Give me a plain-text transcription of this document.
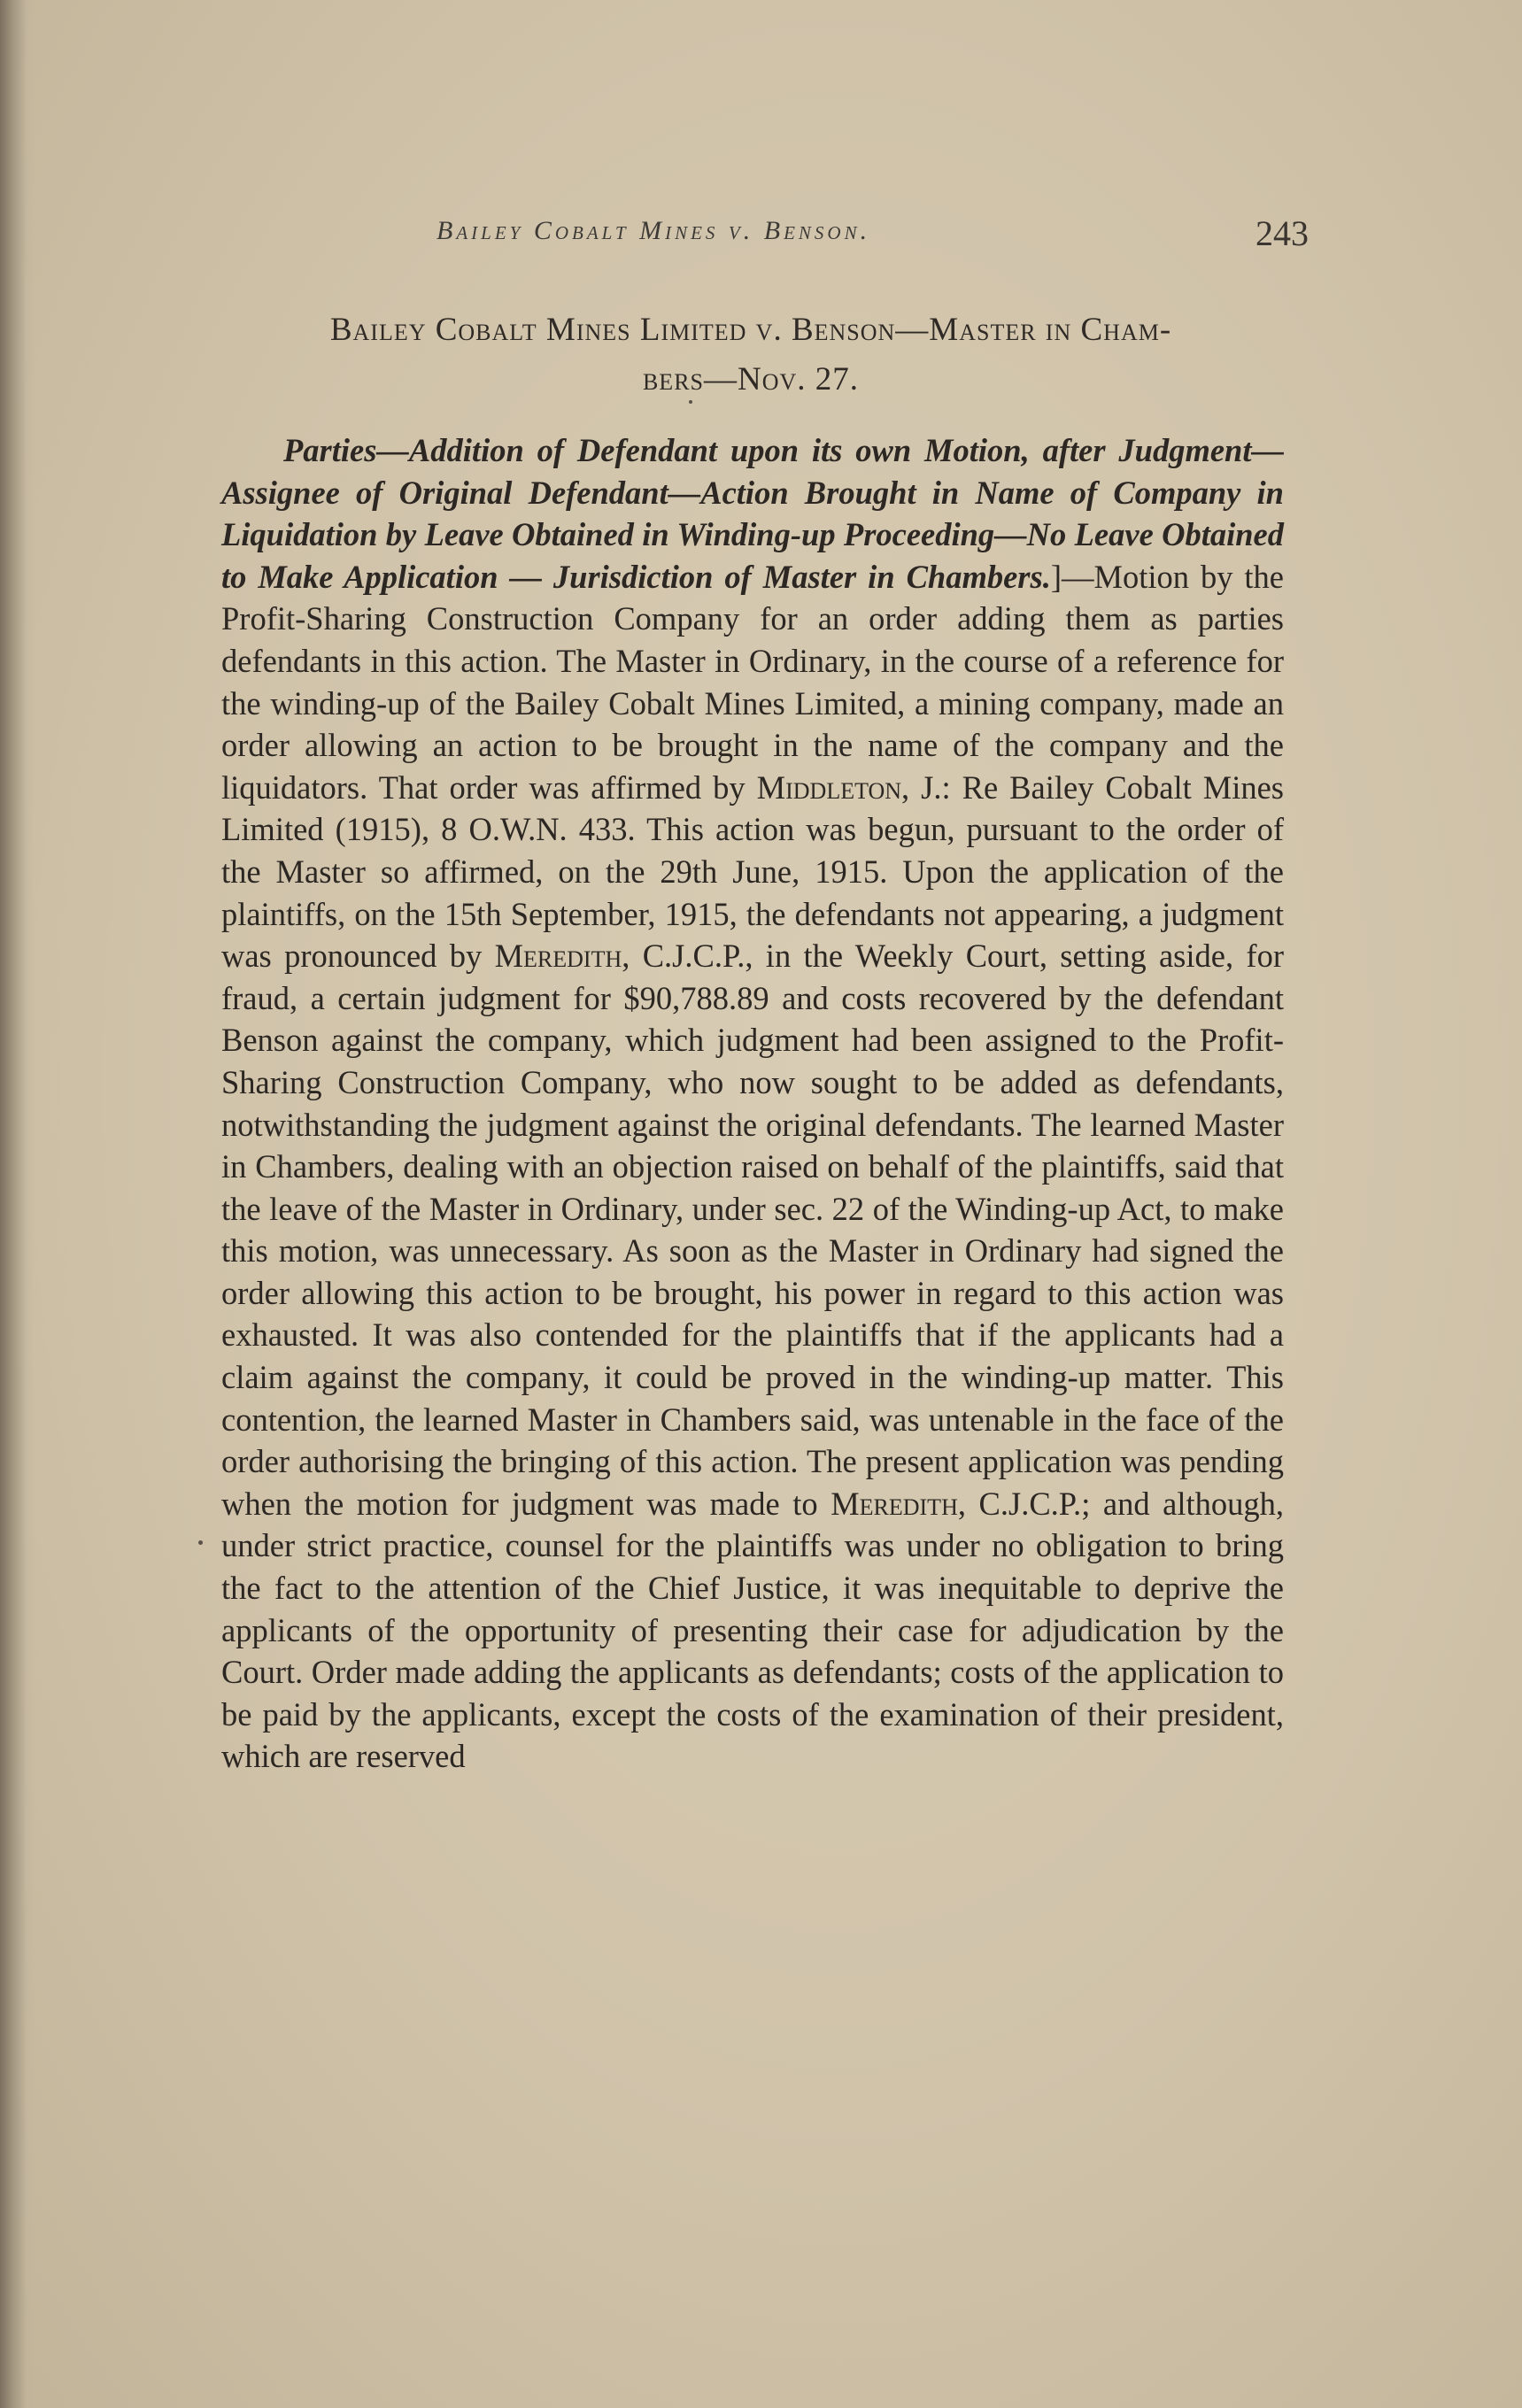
Bailey Cobalt Mines v. Benson.	243
Bailey Cobalt Mines Limited v. Benson—Master in Cham-
bers—Nov. 27.

Parties—Addition of Defendant upon its own Motion, after Judgment—Assignee of Original Defendant—Action Brought in Name of Company in Liquidation by Leave Obtained in Winding-up Proceeding—No Leave Obtained to Make Application — Jurisdiction of Master in Chambers.]—Motion by the Profit-Sharing Construction Company for an order adding them as parties defendants in this action. The Master in Ordinary, in the course of a reference for the winding-up of the Bailey Cobalt Mines Limited, a mining company, made an order allowing an action to be brought in the name of the company and the liquidators. That order was affirmed by Middleton, J.: Re Bailey Cobalt Mines Limited (1915), 8 O.W.N. 433. This action was begun, pursuant to the order of the Master so affirmed, on the 29th June, 1915. Upon the application of the plaintiffs, on the 15th September, 1915, the defendants not appearing, a judgment was pronounced by Meredith, C.J.C.P., in the Weekly Court, setting aside, for fraud, a certain judgment for $90,788.89 and costs recovered by the defendant Benson against the company, which judgment had been assigned to the Profit-Sharing Construction Company, who now sought to be added as defendants, notwithstanding the judgment against the original defendants. The learned Master in Chambers, dealing with an objection raised on behalf of the plaintiffs, said that the leave of the Master in Ordinary, under sec. 22 of the Winding-up Act, to make this motion, was unnecessary. As soon as the Master in Ordinary had signed the order allowing this action to be brought, his power in regard to this action was exhausted. It was also contended for the plaintiffs that if the applicants had a claim against the company, it could be proved in the winding-up matter. This contention, the learned Master in Chambers said, was untenable in the face of the order authorising the bringing of this action. The present application was pending when the motion for judgment was made to Meredith, C.J.C.P.; and although, under strict practice, counsel for the plaintiffs was under no obligation to bring the fact to the attention of the Chief Justice, it was inequitable to deprive the applicants of the opportunity of presenting their case for adjudication by the Court. Order made adding the applicants as defendants; costs of the application to be paid by the applicants, except the costs of the examination of their president, which are reserved
